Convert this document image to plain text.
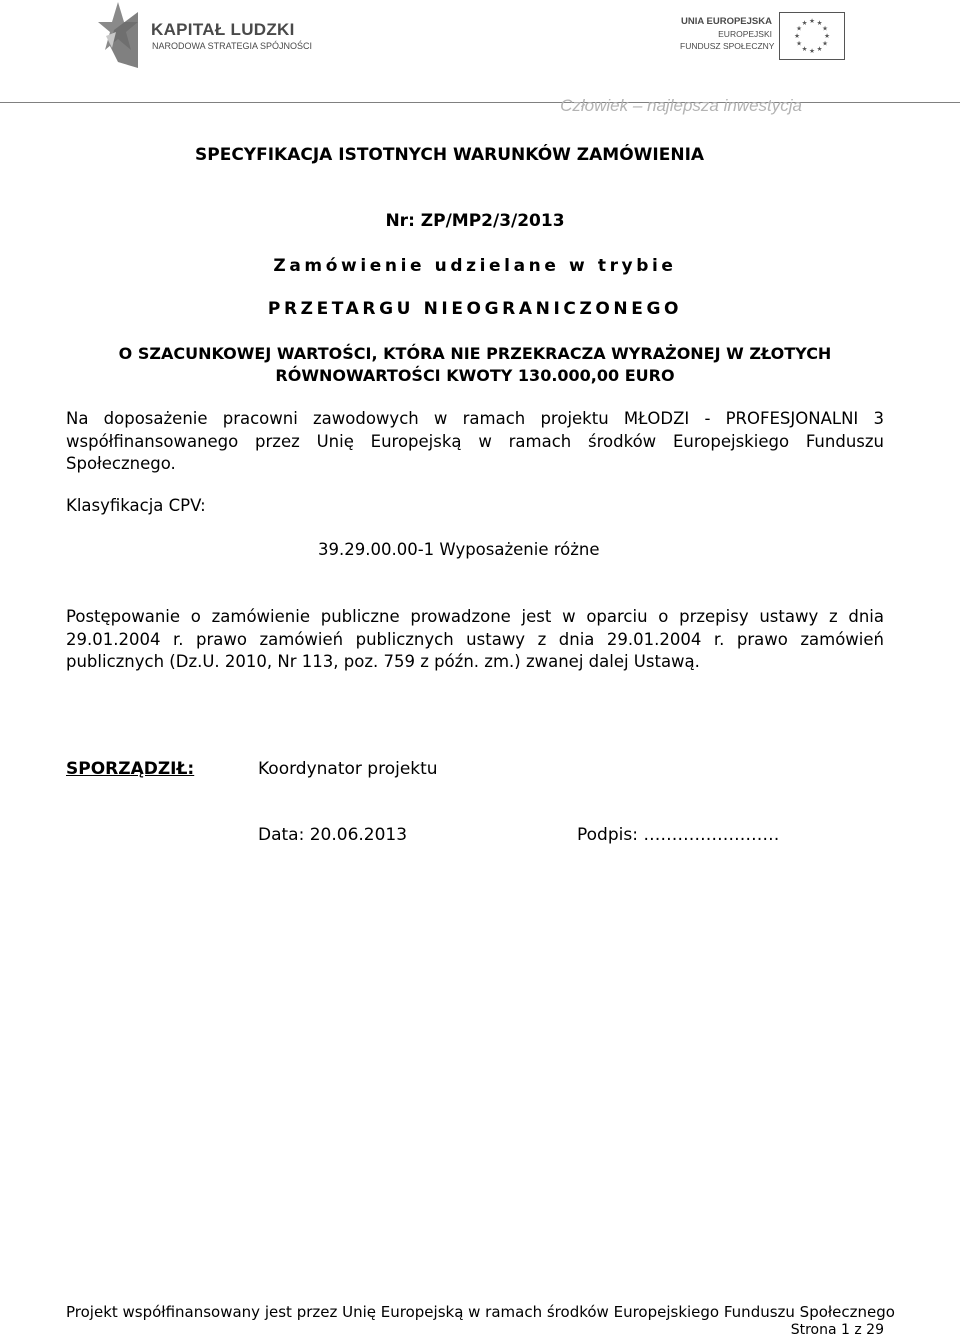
KAPITAŁ LUDZKI

NARODOWA STRATEGIA SPÓJNOŚCI

UNIA EUROPEJSKA

EUROPEJSKI

FUNDUSZ SPOŁECZNY

★ ★
★
★
★
★
★
★
★
★
★
★

Człowiek – najlepsza inwestycja

SPECYFIKACJA ISTOTNYCH WARUNKÓW ZAMÓWIENIA

Nr: ZP/MP2/3/2013

Zamówienie udzielane w trybie

PRZETARGU NIEOGRANICZONEGO

O SZACUNKOWEJ WARTOŚCI, KTÓRA NIE PRZEKRACZA WYRAŻONEJ W ZŁOTYCH RÓWNOWARTOŚCI KWOTY 130.000,00 EURO

Na doposażenie pracowni zawodowych w ramach projektu MŁODZI - PROFESJONALNI 3 współfinansowanego przez Unię Europejską w ramach środków Europejskiego Funduszu Społecznego.

Klasyfikacja CPV:

39.29.00.00-1 Wyposażenie różne

Postępowanie o zamówienie publiczne prowadzone jest w oparciu o przepisy ustawy z dnia 29.01.2004 r. prawo zamówień publicznych ustawy z dnia 29.01.2004 r. prawo zamówień publicznych (Dz.U. 2010, Nr 113, poz. 759 z późn. zm.) zwanej dalej Ustawą.

SPORZĄDZIŁ:	Koordynator projektu

Data: 20.06.2013	Podpis: ……………………

Projekt współfinansowany jest przez Unię Europejską w ramach środków Europejskiego Funduszu Społecznego

Strona 1 z 29
